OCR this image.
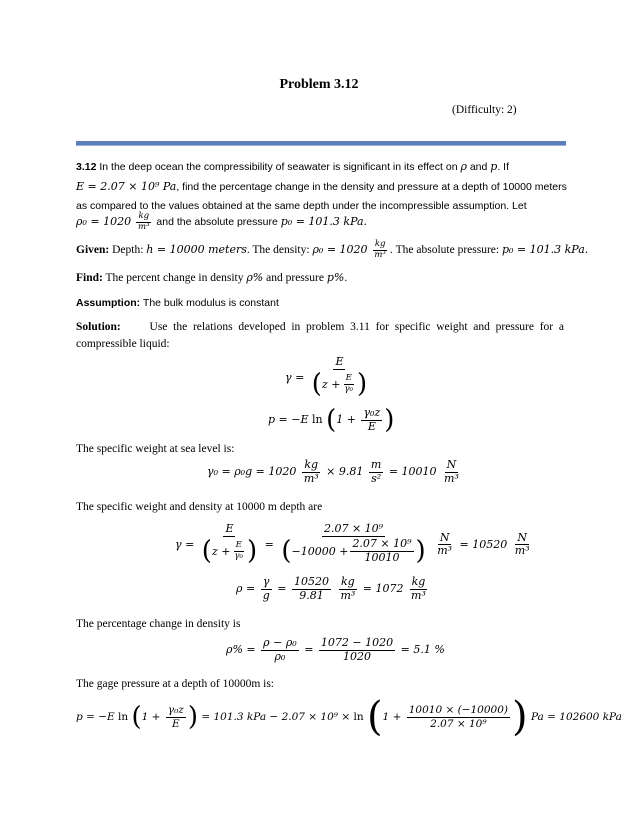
Problem 3.12
(Difficulty: 2)
3.12 In the deep ocean the compressibility of seawater is significant in its effect on ρ and p. If
E = 2.07 × 10⁹ Pa, find the percentage change in the density and pressure at a depth of 10000 meters
as compared to the values obtained at the same depth under the incompressible assumption. Let
$\rho_0 = 1020 \frac{kg}{\text{m³}}$ and the absolute pressure p₀ = 101.3 kPa.
Given: Depth: h = 10000 meters. The density: $\rho_0 = 1020 \frac{kg}{\text{m³}}$ . The absolute pressure: p₀ = 101.3 kPa.
Find: The percent change in density ρ% and pressure p%.
Assumption: The bulk modulus is constant
Solution:	Use the relations developed in problem 3.11 for specific weight and pressure for a
compressible liquid:
$\gamma = \frac{E}{(z + \frac{E}{\text{γ₀}} )}$
p = −E $\ln (1 + \frac{\text{γ₀z}}{E}$ )
The specific weight at sea level is:
$\gamma_0 = \rho_0g = 1020 \frac{kg}{\text{m³}} \times 9.81 \frac{m}{\text{s²}} = 10010 \frac{N}{\text{m³}}$
The specific weight and density at 10000 m depth are
$\gamma = \frac{E}{(z + \frac{E}{\text{γ₀}} )} = \frac{\text{2.07 × 10⁹}}{(-10000 + \frac{\text{2.07 × 10⁹}}{10010} )}$
$\frac{N}{\text{m³}} = 10520 \frac{N}{\text{m³}}$
$\rho = \frac{\gamma}{g} = \frac{10520}{9.81}$
$\frac{kg}{\text{m³}} = 1072 \frac{kg}{\text{m³}}$
The percentage change in density is
$\rho\% = \frac{\text{ρ − ρ₀}}{\text{ρ₀}} = \frac{1072 - 1020}{1020} = 5.1$ %
The gage pressure at a depth of 10000m is:
p = −E $\ln (1 + \frac{\text{γ₀z}}{E}$ ) = 101.3 kPa − $2.07 \times 10^9 \times \ln (1 + \frac{10010 \times (-10000)}{\text{2.07 × 10⁹}}$ ) Pa = 102600 kPa
